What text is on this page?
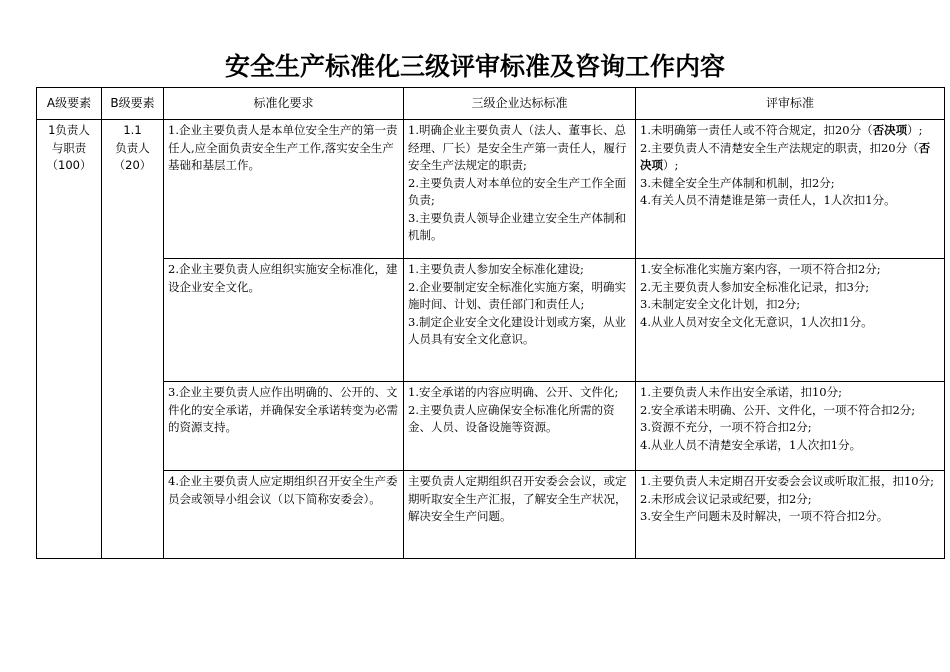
安全生产标准化三级评审标准及咨询工作内容
A级要素	B级要素	标准化要求	三级企业达标标准	评审标准

1负责人
与职责
（100）	1.1
负责人
（20）	1.企业主要负责人是本单位安全生产的第一责任人,应全面负责安全生产工作,落实安全生产基础和基层工作。	1.明确企业主要负责人（法人、董事长、总经理、厂长）是安全生产第一责任人，履行安全生产法规定的职责;
2.主要负责人对本单位的安全生产工作全面负责;
3.主要负责人领导企业建立安全生产体制和机制。	1.未明确第一责任人或不符合规定，扣20分（否决项）;
2.主要负责人不清楚安全生产法规定的职责，扣20分（否决项）;
3.未健全安全生产体制和机制，扣2分;
4.有关人员不清楚谁是第一责任人，1人次扣1分。

		2.企业主要负责人应组织实施安全标准化，建设企业安全文化。	1.主要负责人参加安全标准化建设;
2.企业要制定安全标准化实施方案，明确实施时间、计划、责任部门和责任人;
3.制定企业安全文化建设计划或方案，从业人员具有安全文化意识。	1.安全标准化实施方案内容，一项不符合扣2分;
2.无主要负责人参加安全标准化记录，扣3分;
3.未制定安全文化计划，扣2分;
4.从业人员对安全文化无意识，1人次扣1分。

		3.企业主要负责人应作出明确的、公开的、文件化的安全承诺，并确保安全承诺转变为必需的资源支持。	1.安全承诺的内容应明确、公开、文件化;
2.主要负责人应确保安全标准化所需的资金、人员、设备设施等资源。	1.主要负责人未作出安全承诺，扣10分;
2.安全承诺未明确、公开、文件化，一项不符合扣2分;
3.资源不充分，一项不符合扣2分;
4.从业人员不清楚安全承诺，1人次扣1分。

		4.企业主要负责人应定期组织召开安全生产委员会或领导小组会议（以下简称安委会）。	主要负责人定期组织召开安委会会议，或定期听取安全生产汇报，了解安全生产状况，解决安全生产问题。	1.主要负责人未定期召开安委会会议或听取汇报，扣10分;
2.未形成会议记录或纪要，扣2分;
3.安全生产问题未及时解决，一项不符合扣2分。
